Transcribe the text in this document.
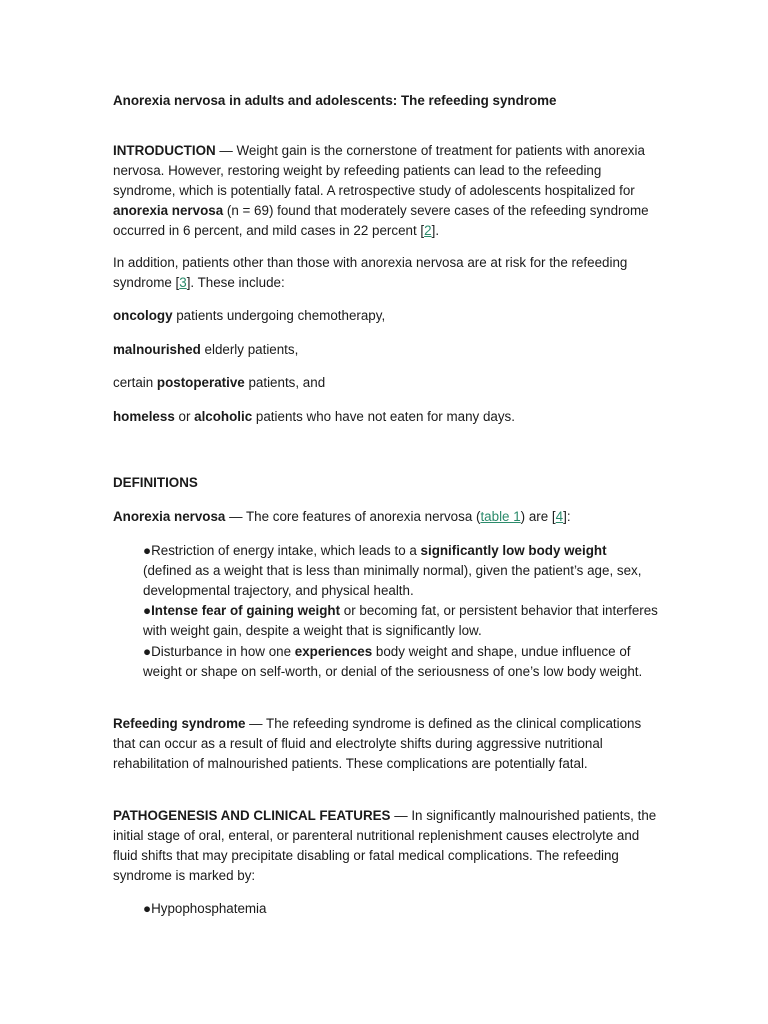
Anorexia nervosa in adults and adolescents: The refeeding syndrome

INTRODUCTION — Weight gain is the cornerstone of treatment for patients with anorexia nervosa. However, restoring weight by refeeding patients can lead to the refeeding syndrome, which is potentially fatal. A retrospective study of adolescents hospitalized for anorexia nervosa (n = 69) found that moderately severe cases of the refeeding syndrome occurred in 6 percent, and mild cases in 22 percent [2].

In addition, patients other than those with anorexia nervosa are at risk for the refeeding syndrome [3]. These include:

oncology patients undergoing chemotherapy,

malnourished elderly patients,

certain postoperative patients, and

homeless or alcoholic patients who have not eaten for many days.

DEFINITIONS

Anorexia nervosa — The core features of anorexia nervosa (table 1) are [4]:

●Restriction of energy intake, which leads to a significantly low body weight (defined as a weight that is less than minimally normal), given the patient’s age, sex, developmental trajectory, and physical health.

●Intense fear of gaining weight or becoming fat, or persistent behavior that interferes with weight gain, despite a weight that is significantly low.

●Disturbance in how one experiences body weight and shape, undue influence of weight or shape on self-worth, or denial of the seriousness of one’s low body weight.

Refeeding syndrome — The refeeding syndrome is defined as the clinical complications that can occur as a result of fluid and electrolyte shifts during aggressive nutritional rehabilitation of malnourished patients. These complications are potentially fatal.

PATHOGENESIS AND CLINICAL FEATURES — In significantly malnourished patients, the initial stage of oral, enteral, or parenteral nutritional replenishment causes electrolyte and fluid shifts that may precipitate disabling or fatal medical complications. The refeeding syndrome is marked by:

●Hypophosphatemia
